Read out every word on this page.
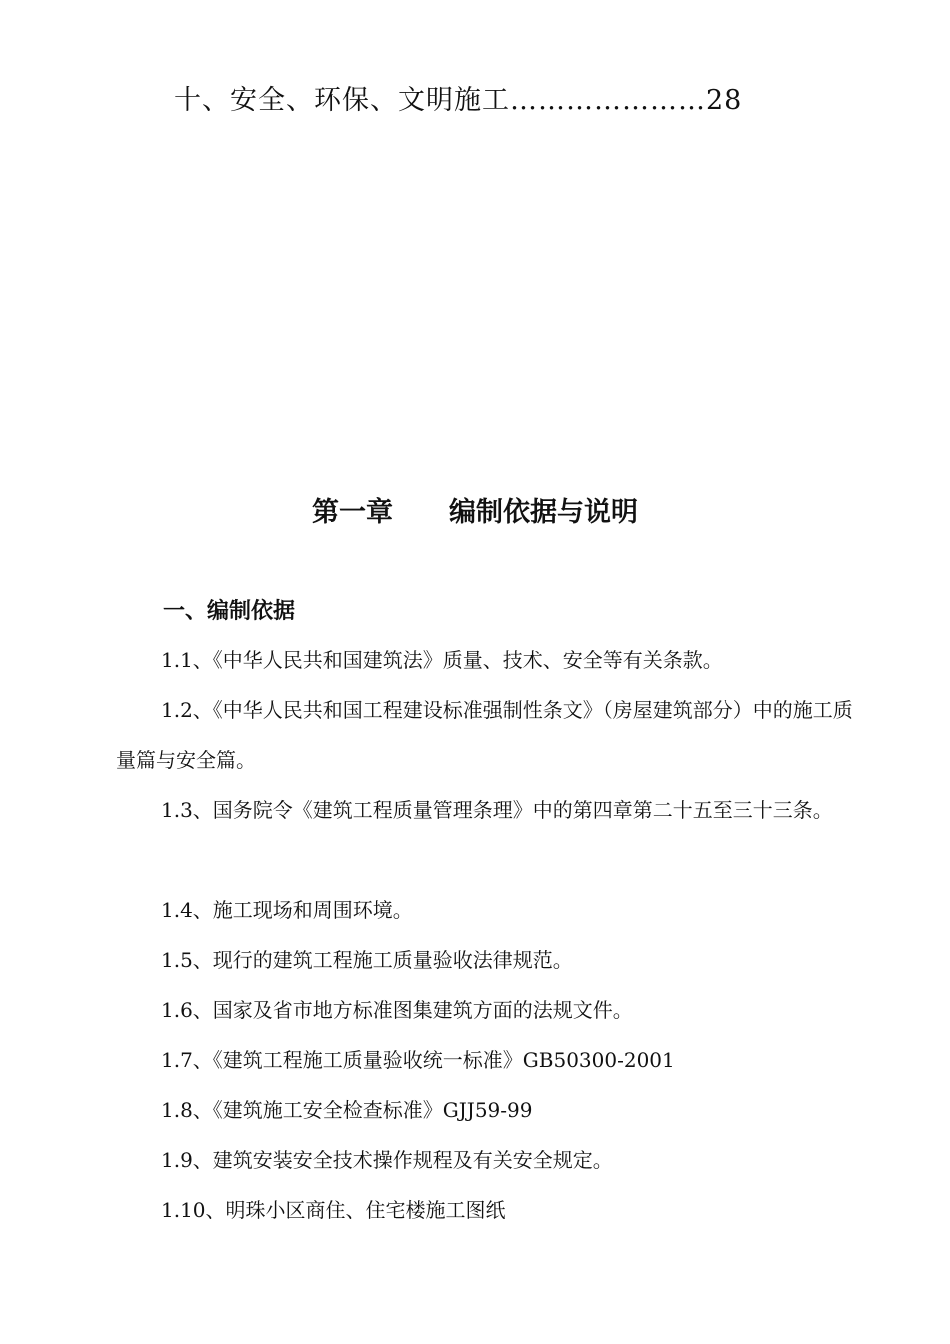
十、安全、环保、文明施工…………………28
第一章 编制依据与说明
一、编制依据
1.1、《中华人民共和国建筑法》质量、技术、安全等有关条款。
1.2、《中华人民共和国工程建设标准强制性条文》（房屋建筑部分）中的施工质量篇与安全篇。
1.3、国务院令《建筑工程质量管理条理》中的第四章第二十五至三十三条。
1.4、施工现场和周围环境。
1.5、现行的建筑工程施工质量验收法律规范。
1.6、国家及省市地方标准图集建筑方面的法规文件。
1.7、《建筑工程施工质量验收统一标准》GB50300-2001
1.8、《建筑施工安全检查标准》GJJ59-99
1.9、建筑安装安全技术操作规程及有关安全规定。
1.10、明珠小区商住、住宅楼施工图纸
